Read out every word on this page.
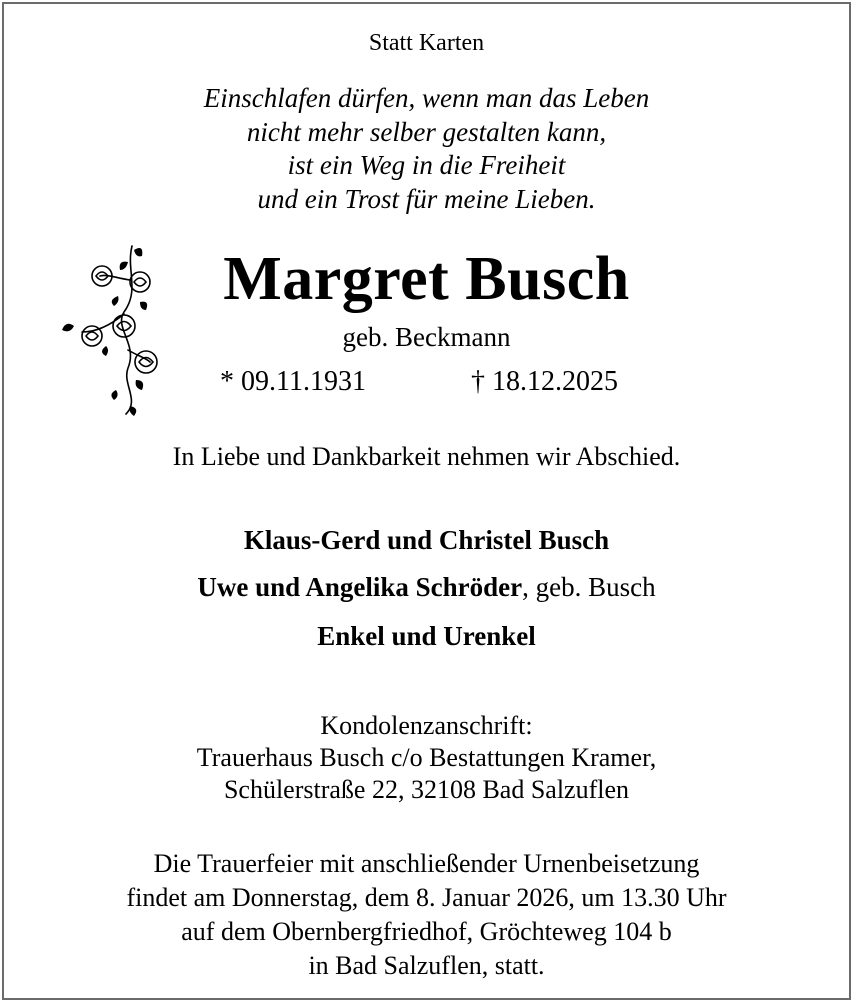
Statt Karten
Einschlafen dürfen, wenn man das Leben
nicht mehr selber gestalten kann,
ist ein Weg in die Freiheit
und ein Trost für meine Lieben.
Margret Busch
geb. Beckmann
* 09.11.1931	† 18.12.2025
In Liebe und Dankbarkeit nehmen wir Abschied.
Klaus-Gerd und Christel Busch
Uwe und Angelika Schröder, geb. Busch
Enkel und Urenkel
Kondolenzanschrift:
Trauerhaus Busch c/o Bestattungen Kramer,
Schülerstraße 22, 32108 Bad Salzuflen
Die Trauerfeier mit anschließender Urnenbeisetzung
findet am Donnerstag, dem 8. Januar 2026, um 13.30 Uhr
auf dem Obernbergfriedhof, Gröchteweg 104 b
in Bad Salzuflen, statt.
